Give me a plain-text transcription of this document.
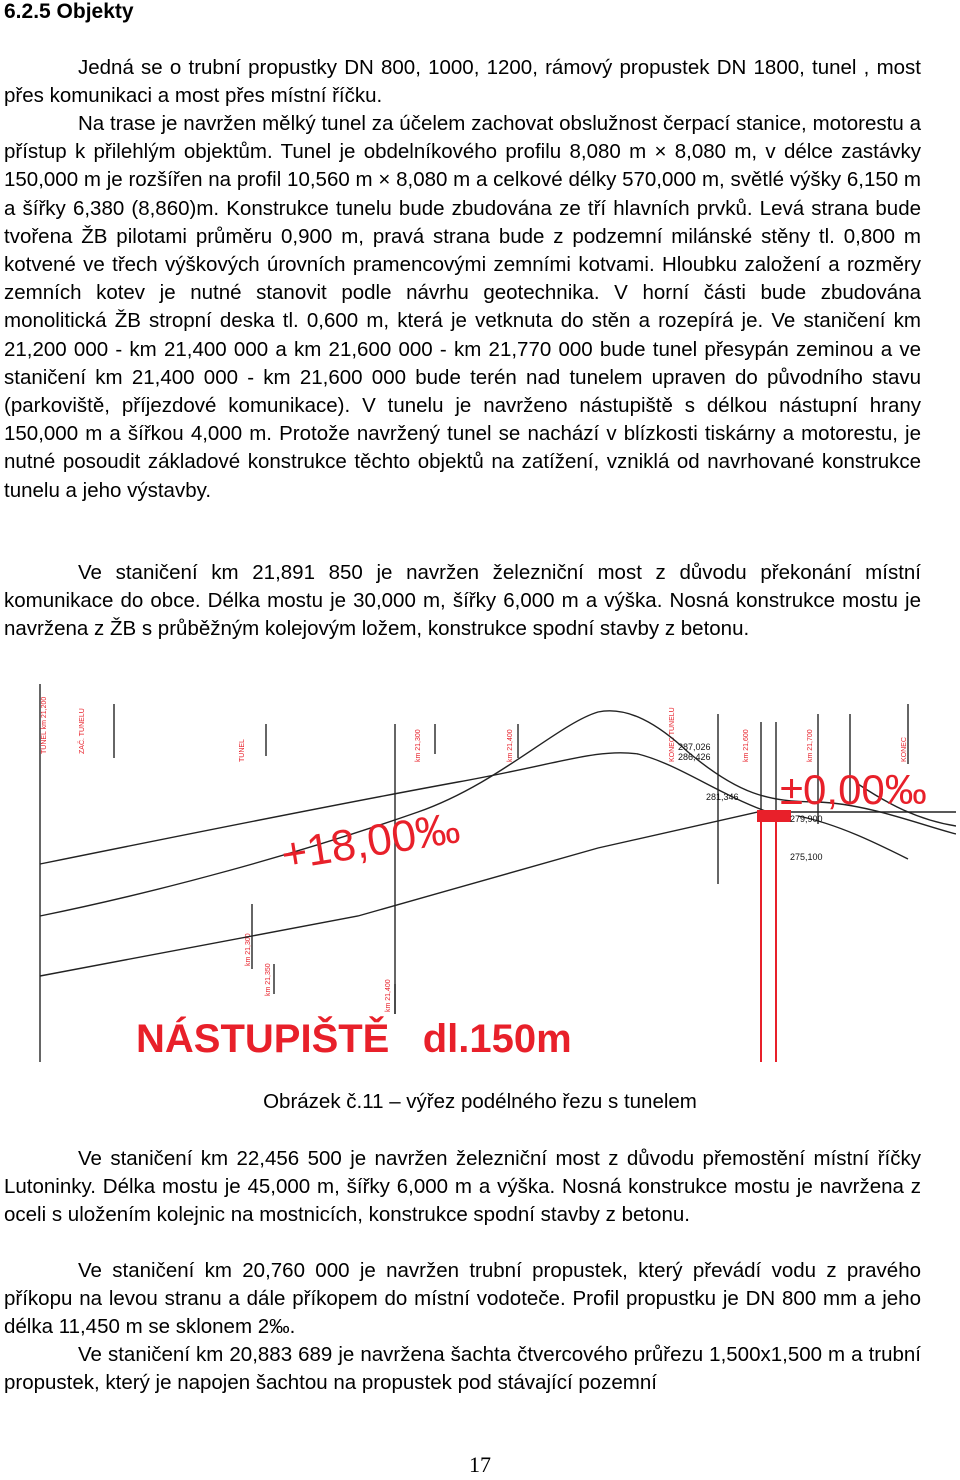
6.2.5 Objekty

Jedná se o trubní propustky DN 800, 1000, 1200, rámový propustek DN 1800, tunel , most přes komunikaci a most přes místní říčku.

Na trase je navržen mělký tunel za účelem zachovat obslužnost čerpací stanice, motorestu a přístup k přilehlým objektům. Tunel je obdelníkového profilu 8,080 m × 8,080 m, v délce zastávky 150,000 m je rozšířen na profil 10,560 m × 8,080 m a celkové délky 570,000 m, světlé výšky 6,150 m a šířky 6,380 (8,860)m. Konstrukce tunelu bude zbudována ze tří hlavních prvků. Levá strana bude tvořena ŽB pilotami průměru 0,900 m, pravá strana bude z podzemní milánské stěny tl. 0,800 m kotvené ve třech výškových úrovních pramencovými zemními kotvami. Hloubku založení a rozměry zemních kotev je nutné stanovit podle návrhu geotechnika. V horní části bude zbudována monolitická ŽB stropní deska tl. 0,600 m, která je vetknuta do stěn a rozepírá je. Ve staničení km 21,200 000 - km 21,400 000 a km 21,600 000 - km 21,770 000 bude tunel přesypán zeminou a ve staničení km 21,400 000 - km 21,600 000 bude terén nad tunelem upraven do původního stavu (parkoviště, příjezdové komunikace). V tunelu je navrženo nástupiště s délkou nástupní hrany 150,000 m a šířkou 4,000 m. Protože navržený tunel se nachází v blízkosti tiskárny a motorestu, je nutné posoudit základové konstrukce těchto objektů na zatížení, vzniklá od navrhované konstrukce tunelu a jeho výstavby.

Ve staničení km 21,891 850 je navržen železniční most z důvodu překonání místní komunikace do obce. Délka mostu je 30,000 m, šířky 6,000 m a výška. Nosná konstrukce mostu je navržena z ŽB s průběžným kolejovým ložem, konstrukce spodní stavby z betonu.

TUNEL km 21,200	ZAČ. TUNELU	TUNEL	km 21,300	km 21,400	KONEC TUNELU	km 21,600	km 21,700	KONEC
km 21,300
km 21,350	km 21,400
287,026
286,426
281,346
279,900
275,100
+18,00‰
±0,00‰
NÁSTUPIŠTĚ   dl.150m
Obrázek č.11 – výřez podélného řezu s tunelem

Ve staničení km 22,456 500 je navržen železniční most z důvodu přemostění místní říčky Lutoninky. Délka mostu je 45,000 m, šířky 6,000 m a výška. Nosná konstrukce mostu je navržena z oceli s uložením kolejnic na mostnicích, konstrukce spodní stavby z betonu.

Ve staničení km 20,760 000 je navržen trubní propustek, který převádí vodu z pravého příkopu na levou stranu a dále příkopem do místní vodoteče. Profil propustku je DN 800 mm a jeho délka 11,450 m se sklonem 2‰.

Ve staničení km 20,883 689 je navržena šachta čtvercového průřezu 1,500x1,500 m a trubní propustek, který je napojen šachtou na propustek pod stávající pozemní

17
